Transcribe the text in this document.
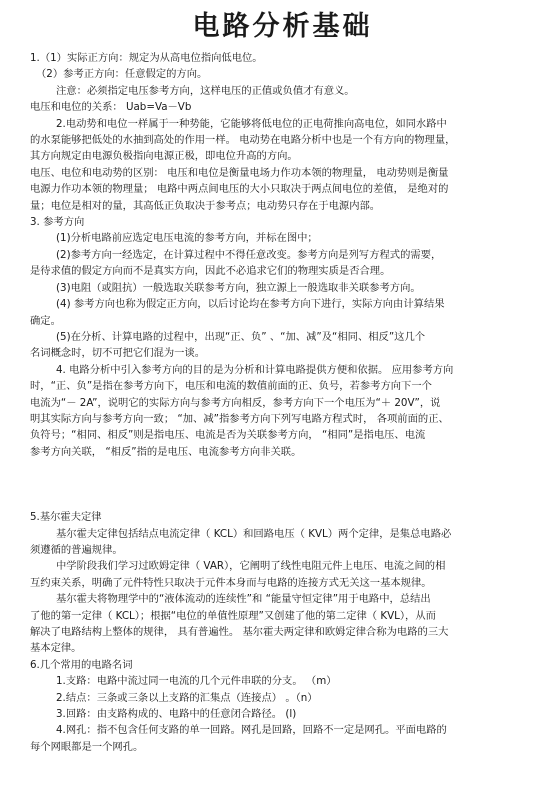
电路分析基础

1.（1）实际正方向：规定为从高电位指向低电位。

（2）参考正方向：任意假定的方向。

注意：必须指定电压参考方向，这样电压的正值或负值才有意义。

电压和电位的关系： Uab=Va－Vb

2.电动势和电位一样属于一种势能，它能够将低电位的正电荷推向高电位，如同水路中

的水泵能够把低处的水抽到高处的作用一样。 电动势在电路分析中也是一个有方向的物理量，

其方向规定由电源负极指向电源正极，即电位升高的方向。

电压、电位和电动势的区别： 电压和电位是衡量电场力作功本领的物理量， 电动势则是衡量

电源力作功本领的物理量； 电路中两点间电压的大小只取决于两点间电位的差值， 是绝对的

量；电位是相对的量，其高低正负取决于参考点；电动势只存在于电源内部。

3. 参考方向

(1)分析电路前应选定电压电流的参考方向，并标在图中；

(2)参考方向一经选定，在计算过程中不得任意改变。参考方向是列写方程式的需要，

是待求值的假定方向而不是真实方向，因此不必追求它们的物理实质是否合理。

(3)电阻（或阻抗）一般选取关联参考方向，独立源上一般选取非关联参考方向。

(4) 参考方向也称为假定正方向，以后讨论均在参考方向下进行，实际方向由计算结果

确定。

(5)在分析、计算电路的过程中，出现“正、负” 、“加、减”及“相同、相反”这几个

名词概念时，切不可把它们混为一谈。

4. 电路分析中引入参考方向的目的是为分析和计算电路提供方便和依据。 应用参考方向

时，“正、负”是指在参考方向下，电压和电流的数值前面的正、负号，若参考方向下一个

电流为“－ 2A”，说明它的实际方向与参考方向相反，参考方向下一个电压为“＋ 20V”，说

明其实际方向与参考方向一致； “加、减”指参考方向下列写电路方程式时， 各项前面的正、

负符号；“相同、相反”则是指电压、电流是否为关联参考方向， “相同”是指电压、电流

参考方向关联， “相反”指的是电压、电流参考方向非关联。

5.基尔霍夫定律

基尔霍夫定律包括结点电流定律（ KCL）和回路电压（ KVL）两个定律，是集总电路必

须遵循的普遍规律。

中学阶段我们学习过欧姆定律（ VAR），它阐明了线性电阻元件上电压、电流之间的相

互约束关系，明确了元件特性只取决于元件本身而与电路的连接方式无关这一基本规律。

基尔霍夫将物理学中的“液体流动的连续性”和 “能量守恒定律”用于电路中，总结出

了他的第一定律（ KCL）；根据“电位的单值性原理”又创建了他的第二定律（ KVL），从而

解决了电路结构上整体的规律， 具有普遍性。 基尔霍夫两定律和欧姆定律合称为电路的三大

基本定律。

6.几个常用的电路名词

1.支路：电路中流过同一电流的几个元件串联的分支。 （m）

2.结点：三条或三条以上支路的汇集点（连接点） 。（n）

3.回路：由支路构成的、电路中的任意闭合路径。 (l)

4.网孔：指不包含任何支路的单一回路。网孔是回路，回路不一定是网孔。平面电路的

每个网眼都是一个网孔。
